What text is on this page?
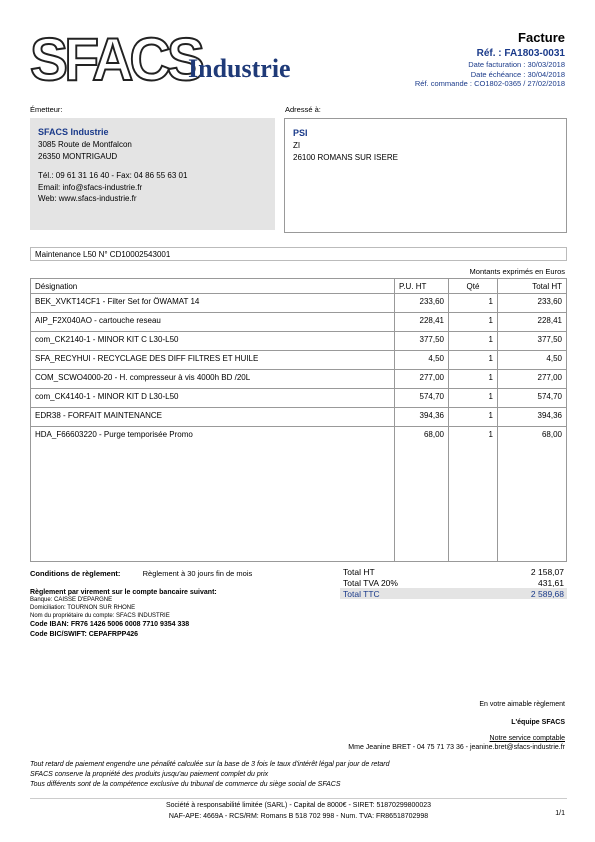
SFACS
Industrie
Facture
Réf. : FA1803-0031
Date facturation : 30/03/2018
Date échéance : 30/04/2018
Réf. commande : CO1802-0365 / 27/02/2018
Émetteur:
SFACS Industrie
3085 Route de Montfalcon
26350 MONTRIGAUD
Tél.: 09 61 31 16 40 - Fax: 04 86 55 63 01
Email: info@sfacs-industrie.fr
Web: www.sfacs-industrie.fr
Adressé à:
PSI
ZI
26100 ROMANS SUR ISERE
Maintenance L50 N° CD10002543001
Montants exprimés en Euros
Désignation	P.U. HT	Qté	Total HT
BEK_XVKT14CF1 - Filter Set for ÖWAMAT 14	233,60	1	233,60
AIP_F2X040AO - cartouche reseau	228,41	1	228,41
com_CK2140-1 - MINOR KIT C L30-L50	377,50	1	377,50
SFA_RECYHUI - RECYCLAGE DES DIFF FILTRES ET HUILE	4,50	1	4,50
COM_SCWO4000-20 - H. compresseur à vis 4000h BD /20L	277,00	1	277,00
com_CK4140-1 - MINOR KIT D L30-L50	574,70	1	574,70
EDR38 - FORFAIT MAINTENANCE	394,36	1	394,36
HDA_F66603220 - Purge temporisée Promo	68,00	1	68,00
Conditions de règlement:	Règlement à 30 jours fin de mois
Règlement par virement sur le compte bancaire suivant:
Banque: CAISSE D'EPARGNE
Domiciliation: TOURNON SUR RHONE
Nom du propriétaire du compte: SFACS INDUSTRIE
Code IBAN: FR76 1426 5006 0008 7710 9354 338
Code BIC/SWIFT: CEPAFRPP426
Total HT	2 158,07
Total TVA 20%	431,61
Total TTC	2 589,68
En votre aimable règlement
L'équipe SFACS
Notre service comptable
Mme Jeanine BRET - 04 75 71 73 36 - jeanine.bret@sfacs-industrie.fr
Tout retard de paiement engendre une pénalité calculée sur la base de 3 fois le taux d'intérêt légal par jour de retard
SFACS conserve la propriété des produits jusqu'au paiement complet du prix
Tous différents sont de la compétence exclusive du tribunal de commerce du siège social de SFACS
Société à responsabilité limitée (SARL) - Capital de 8000€ - SIRET: 51870299800023
NAF-APE: 4669A - RCS/RM: Romans B 518 702 998 - Num. TVA: FR86518702998	1/1
